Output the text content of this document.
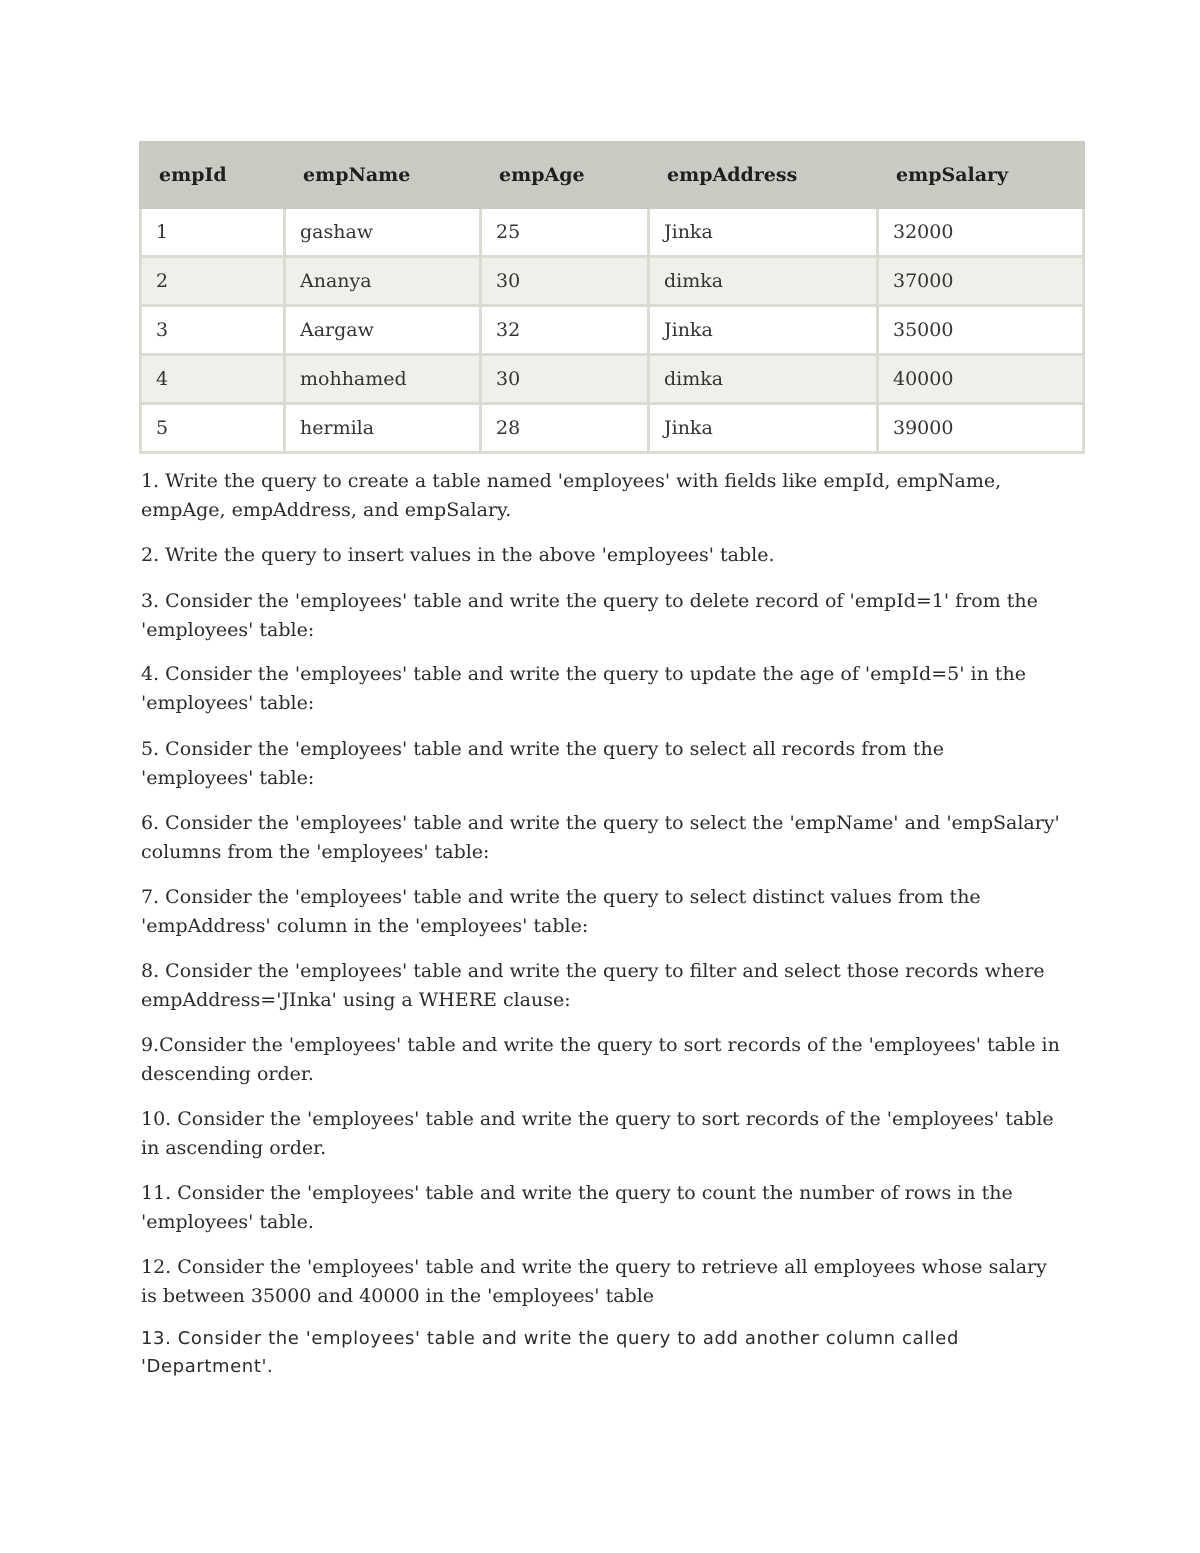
empId	empName	empAge	empAddress	empSalary
1	gashaw	25	Jinka	32000
2	Ananya	30	dimka	37000
3	Aargaw	32	Jinka	35000
4	mohhamed	30	dimka	40000
5	hermila	28	Jinka	39000

1. Write the query to create a table named 'employees' with fields like empId, empName, empAge, empAddress, and empSalary.

2. Write the query to insert values in the above 'employees' table.

3. Consider the 'employees' table and write the query to delete record of 'empId=1' from the 'employees' table:

4. Consider the 'employees' table and write the query to update the age of 'empId=5' in the 'employees' table:

5. Consider the 'employees' table and write the query to select all records from the 'employees' table:

6. Consider the 'employees' table and write the query to select the 'empName' and 'empSalary' columns from the 'employees' table:

7. Consider the 'employees' table and write the query to select distinct values from the 'empAddress' column in the 'employees' table:

8. Consider the 'employees' table and write the query to filter and select those records where empAddress='JInka' using a WHERE clause:

9.Consider the 'employees' table and write the query to sort records of the 'employees' table in descending order.

10. Consider the 'employees' table and write the query to sort records of the 'employees' table in ascending order.

11. Consider the 'employees' table and write the query to count the number of rows in the 'employees' table.

12. Consider the 'employees' table and write the query to retrieve all employees whose salary is between 35000 and 40000 in the 'employees' table

13. Consider the 'employees' table and write the query to add another column called 'Department'.
